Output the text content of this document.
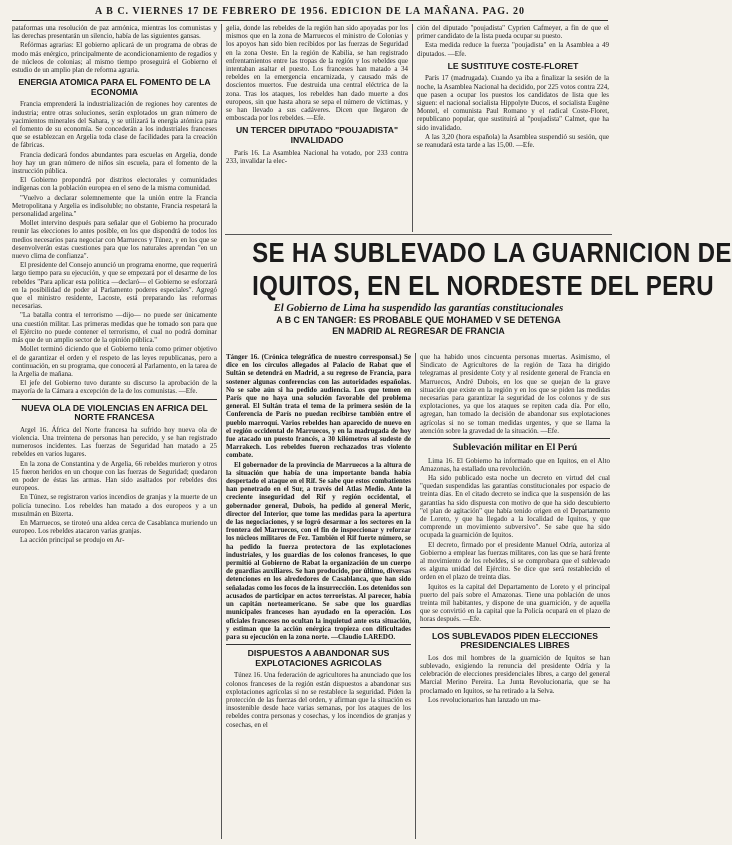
A B C. VIERNES 17 DE FEBRERO DE 1956. EDICION DE LA MAÑANA. PAG. 20

pataformas una resolución de paz armónica, mientras los comunistas y las derechas presentarán un silencio, había de las siguientes gansas.

Refórmas agrarias: El gobierno aplicará de un programa de obras de modo más enérgico, principalmente de acondicionamiento de regadíos y de núcleos de colonias; al mismo tiempo proseguirá el Gobierno el estudio de un amplio plan de reforma agraria.

ENERGIA ATOMICA PARA EL FOMENTO DE LA ECONOMIA

Francia emprenderá la industrialización de regiones hoy carentes de industria; entre otras soluciones, serán explotados un gran número de yacimientos minerales del Sahara, y se utilizará la energía atómica para el fomento de su economía. Se concederán a los industriales franceses que se establezcan en Argelia toda clase de facilidades para la creación de fábricas.

Francia dedicará fondos abundantes para escuelas en Argelia, donde hoy hay un gran número de niños sin escuela, para el fomento de la instrucción pública.

El Gobierno propondrá por distritos electorales y comunidades indígenas con la población europea en el seno de la misma comunidad.

"Vuelvo a declarar solemnemente que la unión entre la Francia Metropolitana y Argelia es indisoluble; no obstante, Francia respetará la personalidad argelina."

Mollet intervino después para señalar que el Gobierno ha procurado reunir las elecciones lo antes posible, en los que dispondrá de todos los medios necesarios para negociar con Marruecos y Túnez, y en los que se desenvolverán estas cuestiones para que los naturales aprendan "en un nuevo clima de confianza".

El presidente del Consejo anunció un programa enorme, que requerirá largo tiempo para su ejecución, y que se empezará por el desarme de los rebeldes "Para aplicar esta política —declaró— el Gobierno se esforzará en la posibilidad de poder al Parlamento poderes especiales". Agregó que el ministro residente, Lacoste, está preparando las reformas necesarias.

"La batalla contra el terrorismo —dijo— no puede ser únicamente una cuestión militar. Las primeras medidas que he tomado son para que el Ejército no puede contener el terrorismo, el cual no podrá dominar más que de un amplio sector de la opinión pública."

Mollet terminó diciendo que el Gobierno tenía como primer objetivo el de garantizar el orden y el respeto de las leyes republicanas, pero a continuación, en su programa, que conocerá al Parlamento, en la tarea de la Argelia de mañana.

El jefe del Gobierno tuvo durante su discurso la aprobación de la mayoría de la Cámara a excepción de la de los comunistas. —Efe.

NUEVA OLA DE VIOLENCIAS EN AFRICA DEL NORTE FRANCESA

Argel 16. África del Norte francesa ha sufrido hoy nueva ola de violencia. Una treintena de personas han perecido, y se han registrado numerosos incidentes. Las fuerzas de Seguridad han matado a 25 rebeldes en varios lugares.

En la zona de Constantina y de Argelia, 66 rebeldes murieron y otros 15 fueron heridos en un choque con las fuerzas de Seguridad; quedaron en poder de éstas las armas. Han sido asaltados por rebeldes dos europeos.

En Túnez, se registraron varios incendios de granjas y la muerte de un policía tunecino. Los rebeldes han matado a dos europeos y a un musulmán en Bizerta.

En Marruecos, se tiroteó una aldea cerca de Casablanca muriendo un europeo. Los rebeldes atacaron varias granjas.

La acción principal se produjo en Ar-

gelia, donde las rebeldes de la región han sido apoyadas por los mismos que en la zona de Marruecos el ministro de Colonias y los apoyos han sido bien recibidos por las fuerzas de Seguridad en la zona Oeste. En la región de Kabilia, se han registrado enfrentamientos entre las tropas de la región y los rebeldes que intentaban asaltar el puesto. Los franceses han matado a 34 rebeldes en la emergencia encarnizada, y causado más de doscientos muertos. Fue destruida una central eléctrica de la zona. Tras los ataques, los rebeldes han dado muerte a dos europeos, sin que hasta ahora se sepa el número de víctimas, y se han llevado a sus cadáveres. Dicen que llegaron de emboscada por los rebeldes. —Efe.

UN TERCER DIPUTADO "POUJADISTA" INVALIDADO

París 16. La Asamblea Nacional ha votado, por 233 contra 233, invalidar la elec-

ción del diputado "poujadista" Cyprien Cafmeyer, a fin de que el primer candidato de la lista pueda ocupar su puesto.

Esta medida reduce la fuerza "poujadista" en la Asamblea a 49 diputados. —Efe.

LE SUSTITUYE COSTE-FLORET

París 17 (madrugada). Cuando ya iba a finalizar la sesión de la noche, la Asamblea Nacional ha decidido, por 225 votos contra 224, que pasen a ocupar los puestos los candidatos de lista que les siguen: el nacional socialista Hippolyte Ducos, el socialista Eugène Montel, el comunista Paul Romano y el radical Coste-Floret, republicano popular, que sustituirá al "poujadista" Calmet, que ha sido invalidado.

A las 3,20 (hora española) la Asamblea suspendió su sesión, que se reanudará esta tarde a las 15,00. —Efe.

SE HA SUBLEVADO LA GUARNICION DE
IQUITOS, EN EL NORDESTE DEL PERU
El Gobierno de Lima ha suspendido las garantías constitucionales
A B C EN TANGER: ES PROBABLE QUE MOHAMED V SE DETENGA
EN MADRID AL REGRESAR DE FRANCIA

Tánger 16. (Crónica telegráfica de nuestro corresponsal.) Se dice en los círculos allegados al Palacio de Rabat que el Sultán se detendrá en Madrid, a su regreso de Francia, para sostener algunas conferencias con las autoridades españolas. No se sabe aún si ha pedido audiencia. Los que temen en París que no haya una solución favorable del problema general. El Sultán trata el tema de la primera sesión de la Conferencia de París no puedan recibirse también entre el pueblo marroquí. Varios rebeldes han aparecido de nuevo en el región occidental de Marruecos, y en la madrugada de hoy fue atacado un puesto francés, a 30 kilómetros al sudeste de Marrakech. Los rebeldes fueron rechazados tras violento combate.

El gobernador de la provincia de Marruecos a la altura de la situación que había de una importante banda había despertado el ataque en el Rif. Se sabe que estos combatientes han penetrado en el Sur, a través del Atlas Medio. Ante la creciente inseguridad del Rif y región occidental, el gobernador general, Dubois, ha pedido al general Meric, director del Interior, que tome las medidas para la apertura de las negociaciones, y se logró desarmar a los sectores en la frontera del Marruecos, con el fin de inspeccionar y reforzar los núcleos militares de Fez. También el Rif fuerte número, se ha pedido la fuerza protectora de las explotaciones industriales, y los guardias de los colonos franceses, lo que permitió al Gobierno de Rabat la organización de un cuerpo de guardias auxiliares. Se han producido, por último, diversas detenciones en los alrededores de Casablanca, que han sido señaladas como los focos de la insurrección. Los detenidos son acusados de participar en actos terroristas. Al parecer, había un capitán norteamericano. Se sabe que los guardias municipales franceses han ayudado en la operación. Los oficiales franceses no ocultan la inquietud ante esta situación, y estiman que la acción enérgica tropieza con dificultades para su ejecución en la zona norte. —Claudio LAREDO.

DISPUESTOS A ABANDONAR SUS EXPLOTACIONES AGRICOLAS

Túnez 16. Una federación de agricultores ha anunciado que los colonos franceses de la región están dispuestos a abandonar sus explotaciones agrícolas si no se restablece la seguridad. Piden la protección de las fuerzas del orden, y afirman que la situación es insostenible desde hace varias semanas, por los ataques de los rebeldes contra personas y cosechas, y los incendios de granjas y cosechas, en el

que ha habido unos cincuenta personas muertas. Asimismo, el Sindicato de Agricultores de la región de Taza ha dirigido telegramas al presidente Coty y al residente general de Francia en Marruecos, André Dubois, en los que se quejan de la grave situación que existe en la región y en los que se piden las medidas necesarias para garantizar la seguridad de los colonos y de sus explotaciones, ya que los ataques se repiten cada día. Por ello, agregan, han tomado la decisión de abandonar sus explotaciones agrícolas si no se toman medidas urgentes, y que se llama la atención sobre la gravedad de la situación. —Efe.

Sublevación militar en El Perú

Lima 16. El Gobierno ha informado que en Iquitos, en el Alto Amazonas, ha estallado una revolución.

Ha sido publicado esta noche un decreto en virtud del cual "quedan suspendidas las garantías constitucionales por espacio de treinta días. En el citado decreto se indica que la suspensión de las garantías ha sido dispuesta con motivo de que ha sido descubierto "el plan de agitación" que había tenido origen en el Departamento de Loreto, y que ha llegado a la localidad de Iquitos, y que comprende un movimiento subversivo". Se sabe que ha sido ocupada la guarnición de Iquitos.

El decreto, firmado por el presidente Manuel Odría, autoriza al Gobierno a emplear las fuerzas militares, con las que se hará frente al movimiento de los rebeldes, si se comprobara que el sublevado es alguna unidad del Ejército. Se dice que será restablecido el orden en el plazo de treinta días.

Iquitos es la capital del Departamento de Loreto y el principal puerto del país sobre el Amazonas. Tiene una población de unos treinta mil habitantes, y dispone de una guarnición, y de aquella que se convirtió en la capital que la Policía ocupará en el plazo de horas después. —Efe.

LOS SUBLEVADOS PIDEN ELECCIONES PRESIDENCIALES LIBRES

Los dos mil hombres de la guarnición de Iquitos se han sublevado, exigiendo la renuncia del presidente Odría y la celebración de elecciones presidenciales libres, a cargo del general Marcial Merino Pereira. La Junta Revolucionaria, que se ha proclamado en Iquitos, se ha retirado a la Selva.

Los revolucionarios han lanzado un ma-
